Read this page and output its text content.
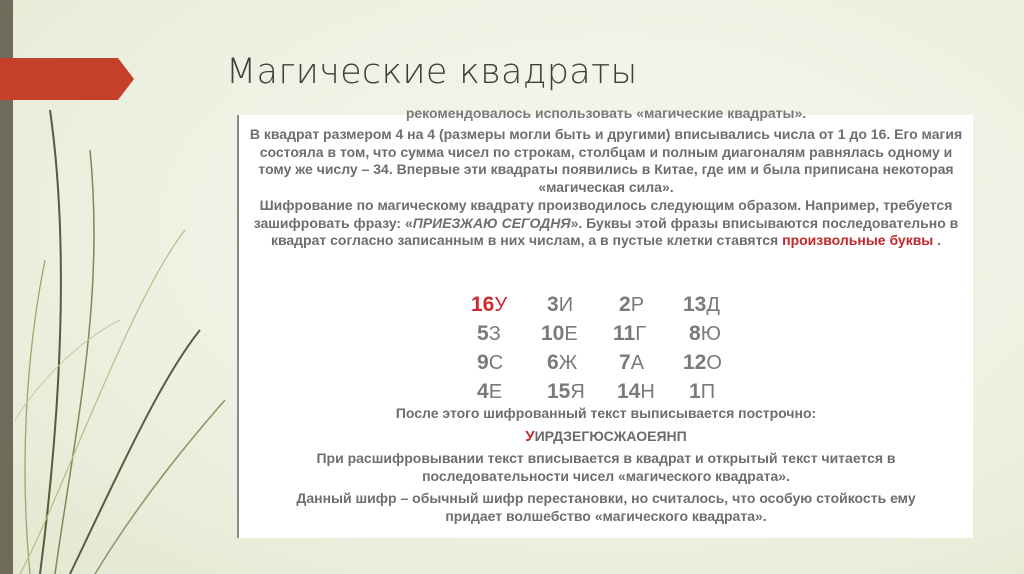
Магические квадраты
рекомендовалось использовать «магические квадраты».
В квадрат размером 4 на 4 (размеры могли быть и другими) вписывались числа от 1 до 16. Его магия состояла в том, что сумма чисел по строкам, столбцам и полным диагоналям равнялась одному и тому же числу – 34. Впервые эти квадраты появились в Китае, где им и была приписана некоторая «магическая сила».
Шифрование по магическому квадрату производилось следующим образом. Например, требуется зашифровать фразу: «ПРИЕЗЖАЮ СЕГОДНЯ». Буквы этой фразы вписываются последовательно в квадрат согласно записанным в них числам, а в пустые клетки ставятся произвольные буквы .
16У 3И 2Р 13Д
5З 10Е 11Г 8Ю
9С 6Ж 7А 12О
4Е 15Я 14Н 1П
После этого шифрованный текст выписывается построчно:
УИРДЗЕГЮСЖАОЕЯНП
При расшифровывании текст вписывается в квадрат и открытый текст читается в последовательности чисел «магического квадрата».
Данный шифр – обычный шифр перестановки, но считалось, что особую стойкость ему придает волшебство «магического квадрата».
